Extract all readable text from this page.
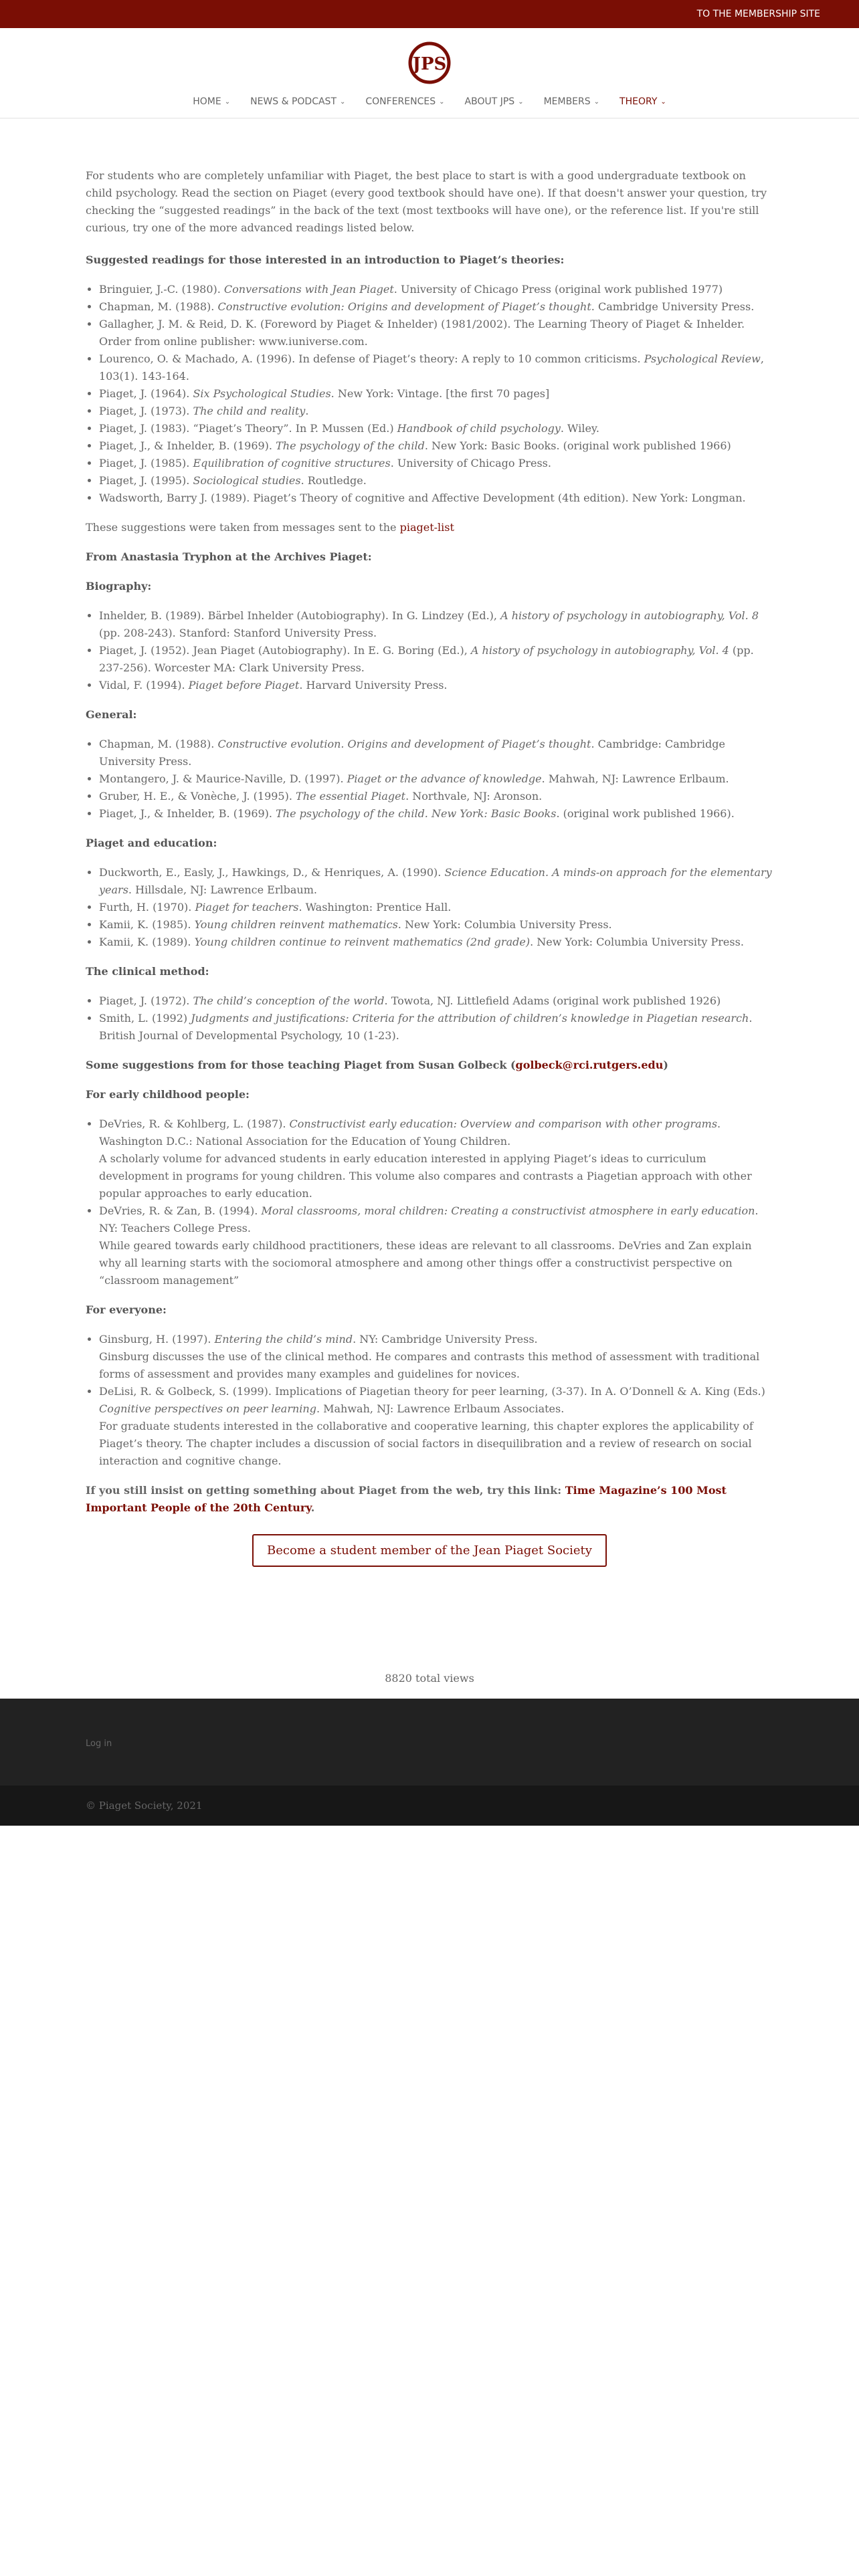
TO THE MEMBERSHIP SITE
JPS
HOME ⌄ NEWS & PODCAST ⌄ CONFERENCES ⌄ ABOUT JPS ⌄ MEMBERS ⌄ THEORY ⌄

For students who are completely unfamiliar with Piaget, the best place to start is with a good undergraduate textbook on child psychology. Read the section on Piaget (every good textbook should have one). If that doesn't answer your question, try checking the “suggested readings” in the back of the text (most textbooks will have one), or the reference list. If you're still curious, try one of the more advanced readings listed below.

Suggested readings for those interested in an introduction to Piaget’s theories:
• Bringuier, J.-C. (1980). Conversations with Jean Piaget. University of Chicago Press (original work published 1977)
• Chapman, M. (1988). Constructive evolution: Origins and development of Piaget’s thought. Cambridge University Press.
• Gallagher, J. M. & Reid, D. K. (Foreword by Piaget & Inhelder) (1981/2002). The Learning Theory of Piaget & Inhelder. Order from online publisher: www.iuniverse.com.
• Lourenco, O. & Machado, A. (1996). In defense of Piaget’s theory: A reply to 10 common criticisms. Psychological Review, 103(1). 143-164.
• Piaget, J. (1964). Six Psychological Studies. New York: Vintage. [the first 70 pages]
• Piaget, J. (1973). The child and reality.
• Piaget, J. (1983). “Piaget’s Theory”. In P. Mussen (Ed.) Handbook of child psychology. Wiley.
• Piaget, J., & Inhelder, B. (1969). The psychology of the child. New York: Basic Books. (original work published 1966)
• Piaget, J. (1985). Equilibration of cognitive structures. University of Chicago Press.
• Piaget, J. (1995). Sociological studies. Routledge.
• Wadsworth, Barry J. (1989). Piaget’s Theory of cognitive and Affective Development (4th edition). New York: Longman.

These suggestions were taken from messages sent to the piaget-list

From Anastasia Tryphon at the Archives Piaget:
Biography:
• Inhelder, B. (1989). Bärbel Inhelder (Autobiography). In G. Lindzey (Ed.), A history of psychology in autobiography, Vol. 8 (pp. 208-243). Stanford: Stanford University Press.
• Piaget, J. (1952). Jean Piaget (Autobiography). In E. G. Boring (Ed.), A history of psychology in autobiography, Vol. 4 (pp. 237-256). Worcester MA: Clark University Press.
• Vidal, F. (1994). Piaget before Piaget. Harvard University Press.
General:
• Chapman, M. (1988). Constructive evolution. Origins and development of Piaget’s thought. Cambridge: Cambridge University Press.
• Montangero, J. & Maurice-Naville, D. (1997). Piaget or the advance of knowledge. Mahwah, NJ: Lawrence Erlbaum.
• Gruber, H. E., & Vonèche, J. (1995). The essential Piaget. Northvale, NJ: Aronson.
• Piaget, J., & Inhelder, B. (1969). The psychology of the child. New York: Basic Books. (original work published 1966).
Piaget and education:
• Duckworth, E., Easly, J., Hawkings, D., & Henriques, A. (1990). Science Education. A minds-on approach for the elementary years. Hillsdale, NJ: Lawrence Erlbaum.
• Furth, H. (1970). Piaget for teachers. Washington: Prentice Hall.
• Kamii, K. (1985). Young children reinvent mathematics. New York: Columbia University Press.
• Kamii, K. (1989). Young children continue to reinvent mathematics (2nd grade). New York: Columbia University Press.
The clinical method:
• Piaget, J. (1972). The child’s conception of the world. Towota, NJ. Littlefield Adams (original work published 1926)
• Smith, L. (1992) Judgments and justifications: Criteria for the attribution of children’s knowledge in Piagetian research. British Journal of Developmental Psychology, 10 (1-23).
Some suggestions from for those teaching Piaget from Susan Golbeck (golbeck@rci.rutgers.edu)
For early childhood people:
• DeVries, R. & Kohlberg, L. (1987). Constructivist early education: Overview and comparison with other programs. Washington D.C.: National Association for the Education of Young Children.
A scholarly volume for advanced students in early education interested in applying Piaget’s ideas to curriculum development in programs for young children. This volume also compares and contrasts a Piagetian approach with other popular approaches to early education.
• DeVries, R. & Zan, B. (1994). Moral classrooms, moral children: Creating a constructivist atmosphere in early education. NY: Teachers College Press.
While geared towards early childhood practitioners, these ideas are relevant to all classrooms. DeVries and Zan explain why all learning starts with the sociomoral atmosphere and among other things offer a constructivist perspective on “classroom management”
For everyone:
• Ginsburg, H. (1997). Entering the child’s mind. NY: Cambridge University Press.
Ginsburg discusses the use of the clinical method. He compares and contrasts this method of assessment with traditional forms of assessment and provides many examples and guidelines for novices.
• DeLisi, R. & Golbeck, S. (1999). Implications of Piagetian theory for peer learning, (3-37). In A. O’Donnell & A. King (Eds.) Cognitive perspectives on peer learning. Mahwah, NJ: Lawrence Erlbaum Associates.
For graduate students interested in the collaborative and cooperative learning, this chapter explores the applicability of Piaget’s theory. The chapter includes a discussion of social factors in disequilibration and a review of research on social interaction and cognitive change.

If you still insist on getting something about Piaget from the web, try this link: Time Magazine’s 100 Most Important People of the 20th Century.

Become a student member of the Jean Piaget Society
8820 total views
Log in
© Piaget Society, 2021
